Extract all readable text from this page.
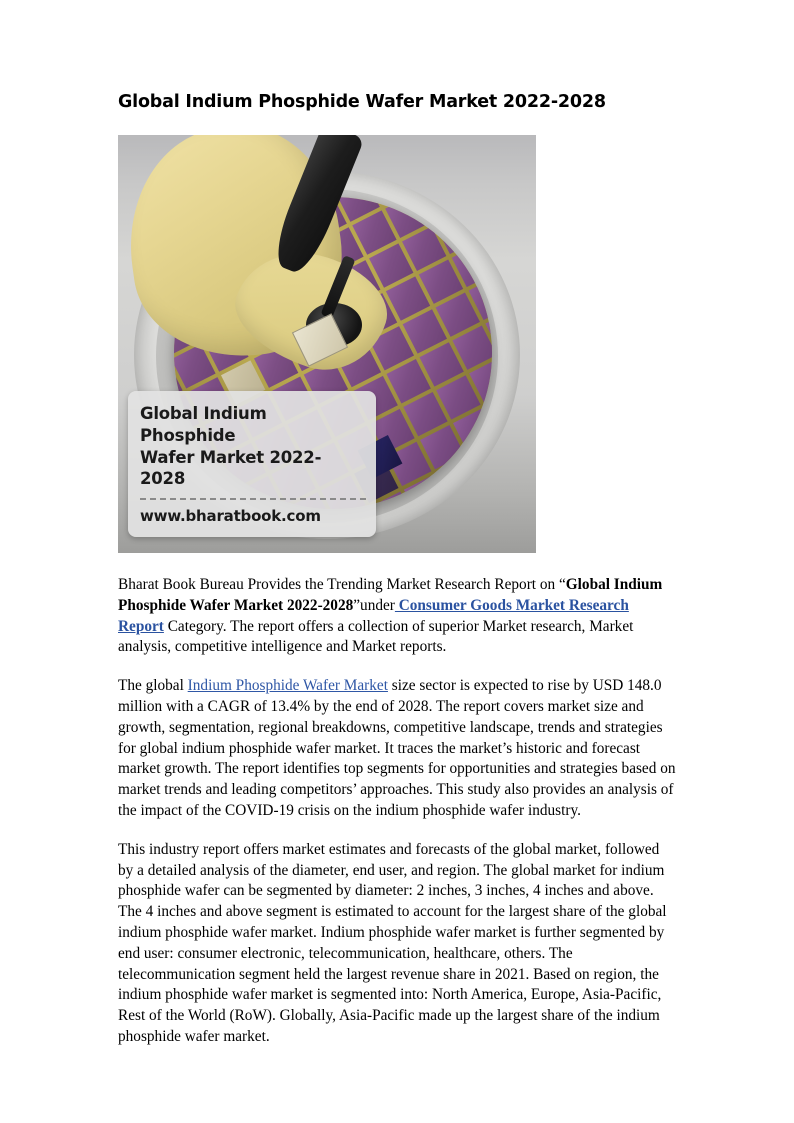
Global Indium Phosphide Wafer Market 2022-2028
Global Indium Phosphide
Wafer Market 2022-2028
www.bharatbook.com

Bharat Book Bureau Provides the Trending Market Research Report on “Global Indium Phosphide Wafer Market 2022-2028”under Consumer Goods Market Research Report Category. The report offers a collection of superior Market research, Market analysis, competitive intelligence and Market reports.

The global Indium Phosphide Wafer Market size sector is expected to rise by USD 148.0 million with a CAGR of 13.4% by the end of 2028. The report covers market size and growth, segmentation, regional breakdowns, competitive landscape, trends and strategies for global indium phosphide wafer market. It traces the market’s historic and forecast market growth. The report identifies top segments for opportunities and strategies based on market trends and leading competitors’ approaches. This study also provides an analysis of the impact of the COVID-19 crisis on the indium phosphide wafer industry.

This industry report offers market estimates and forecasts of the global market, followed by a detailed analysis of the diameter, end user, and region. The global market for indium phosphide wafer can be segmented by diameter: 2 inches, 3 inches, 4 inches and above. The 4 inches and above segment is estimated to account for the largest share of the global indium phosphide wafer market. Indium phosphide wafer market is further segmented by end user: consumer electronic, telecommunication, healthcare, others. The telecommunication segment held the largest revenue share in 2021. Based on region, the indium phosphide wafer market is segmented into: North America, Europe, Asia-Pacific, Rest of the World (RoW). Globally, Asia-Pacific made up the largest share of the indium phosphide wafer market.
